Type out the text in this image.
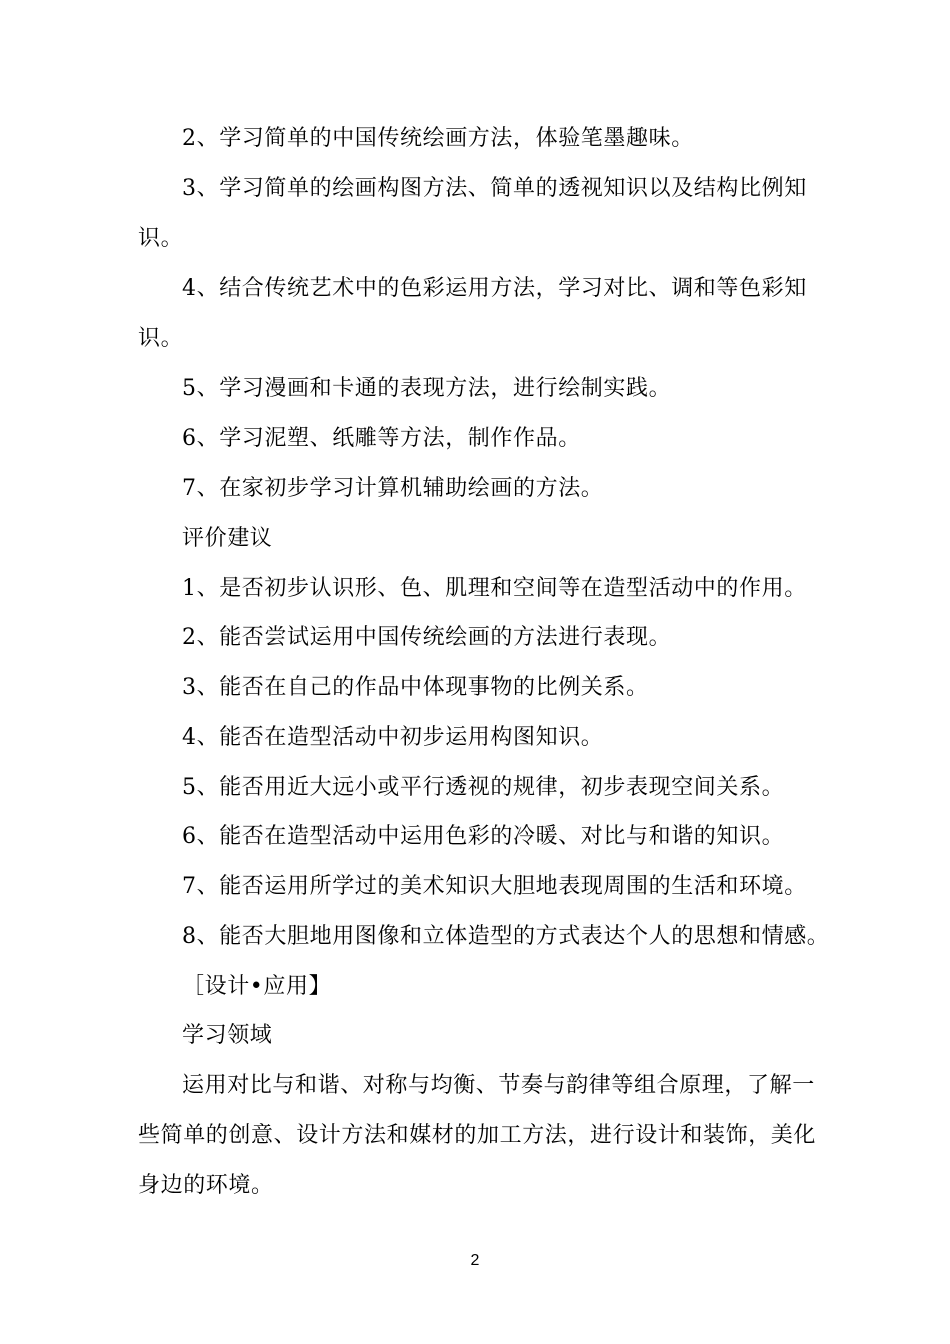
2、学习简单的中国传统绘画方法，体验笔墨趣味。
3、学习简单的绘画构图方法、简单的透视知识以及结构比例知
识。
4、结合传统艺术中的色彩运用方法，学习对比、调和等色彩知
识。
5、学习漫画和卡通的表现方法，进行绘制实践。
6、学习泥塑、纸雕等方法，制作作品。
7、在家初步学习计算机辅助绘画的方法。
评价建议
1、是否初步认识形、色、肌理和空间等在造型活动中的作用。
2、能否尝试运用中国传统绘画的方法进行表现。
3、能否在自己的作品中体现事物的比例关系。
4、能否在造型活动中初步运用构图知识。
5、能否用近大远小或平行透视的规律，初步表现空间关系。
6、能否在造型活动中运用色彩的冷暖、对比与和谐的知识。
7、能否运用所学过的美术知识大胆地表现周围的生活和环境。
8、能否大胆地用图像和立体造型的方式表达个人的思想和情感。
［设计•应用】
学习领域
运用对比与和谐、对称与均衡、节奏与韵律等组合原理，了解一
些简单的创意、设计方法和媒材的加工方法，进行设计和装饰，美化
身边的环境。
2
